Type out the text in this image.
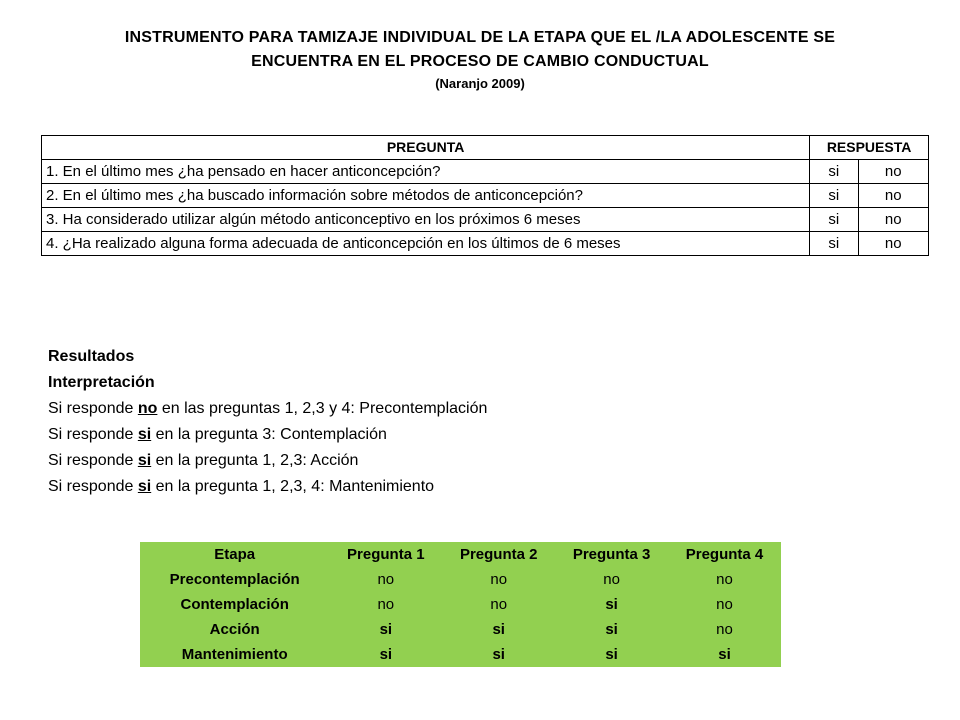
INSTRUMENTO PARA TAMIZAJE INDIVIDUAL DE LA ETAPA QUE EL /LA ADOLESCENTE SE
ENCUENTRA EN EL PROCESO DE CAMBIO CONDUCTUAL
(Naranjo 2009)
PREGUNTA	RESPUESTA	
1. En el último mes ¿ha pensado en hacer anticoncepción?	si	no
2. En el último mes ¿ha buscado información sobre métodos de anticoncepción?	si	no
3. Ha considerado utilizar algún método anticonceptivo en los próximos 6 meses	si	no
4. ¿Ha realizado alguna forma adecuada de anticoncepción en los últimos de 6 meses	si	no
Resultados
Interpretación
Si responde no en las preguntas 1, 2,3 y 4: Precontemplación
Si responde si en la pregunta 3: Contemplación
Si responde si en la pregunta 1, 2,3: Acción
Si responde si en la pregunta 1, 2,3, 4: Mantenimiento
Etapa	Pregunta 1	Pregunta 2	Pregunta 3	Pregunta 4
Precontemplación	no	no	no	no
Contemplación	no	no	si	no
Acción	si	si	si	no
Mantenimiento	si	si	si	si
